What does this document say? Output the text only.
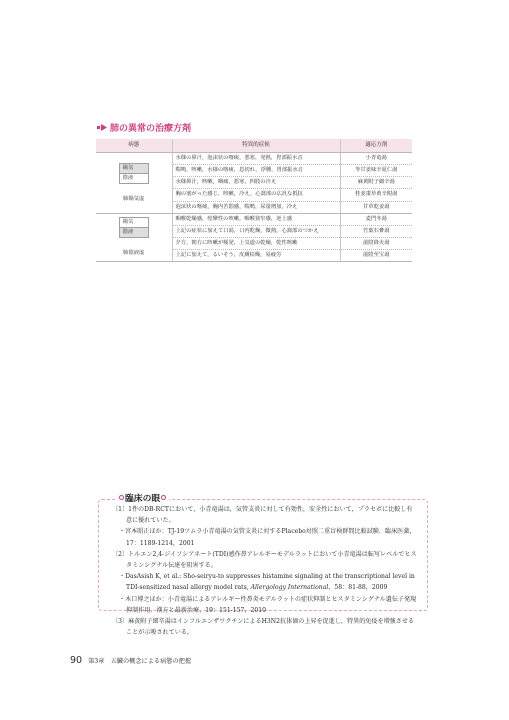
肺の異常の治療方剤
病態	特異的症候	適応方剤

陽気
陰液
肺陽気虚	水様の鼻汁，泡沫状の喀痰，悪寒，発熱，胃部振水音	小青竜湯
	喘鳴，咳嗽，水様の喀痰，息切れ，浮腫，胃部振水音	苓甘姜味辛夏仁湯
	水様鼻汁，咳嗽，咽痛，悪寒，四肢の冷え	麻黄附子細辛湯
	胸の塞がった感じ，咳嗽，冷え，心窩部の広汎な抵抗	桂姜棗草黄辛附湯
	泡沫状の喀痰，胸内苦悶感，喘鳴，尿量増加，冷え	甘草乾姜湯

陽気
陰液
肺陰液虚	咽喉乾燥感，痙攣性の咳嗽，咽喉狭窄感，逆上感	麦門冬湯
	上記の症状に加えて口渇，口内乾燥，微熱，心窩部のつかえ	竹葉石膏湯
	夕方，朝方に咳嗽が頻発，上気道の乾燥，乾性咳嗽	滋陰降火湯
	上記に加えて，るいそう，皮膚枯燥，易疲労	滋陰至宝湯
臨床の眼

〔1〕1件のDB-RCTにおいて，小青竜湯は，気管支炎に対して有効性，安全性において，プラセボに比較し有意に優れていた。

・宮本昭正ほか：TJ-19ツムラ小青竜湯の気管支炎に対するPlacebo対照二重盲検群間比較試験．臨床医薬，17：1189-1214，2001

〔2〕トルエン2,4-ジイソシアネート(TDI)感作鼻アレルギーモデルラットにおいて小青竜湯は転写レベルでヒスタミンシグナル伝達を阻害する。

・DasAsish K, et al.: Sho-seiryu-to suppresses histamine signaling at the transcriptional level in TDI-sensitized nasal allergy model rats, Allergology International，58：81-88，2009

・木口博之ほか：小青竜湯によるアレルギー性鼻炎モデルラットの症状抑制とヒスタミンシグナル遺伝子発現抑制作用．漢方と最新治療，19：151-157，2010

〔3〕麻黄附子細辛湯はインフルエンザワクチンによるH3N2抗体価の上昇を促進し，特異的免疫を増強させることが示唆されている。

90 第3章　五臓の概念による病態の把握
